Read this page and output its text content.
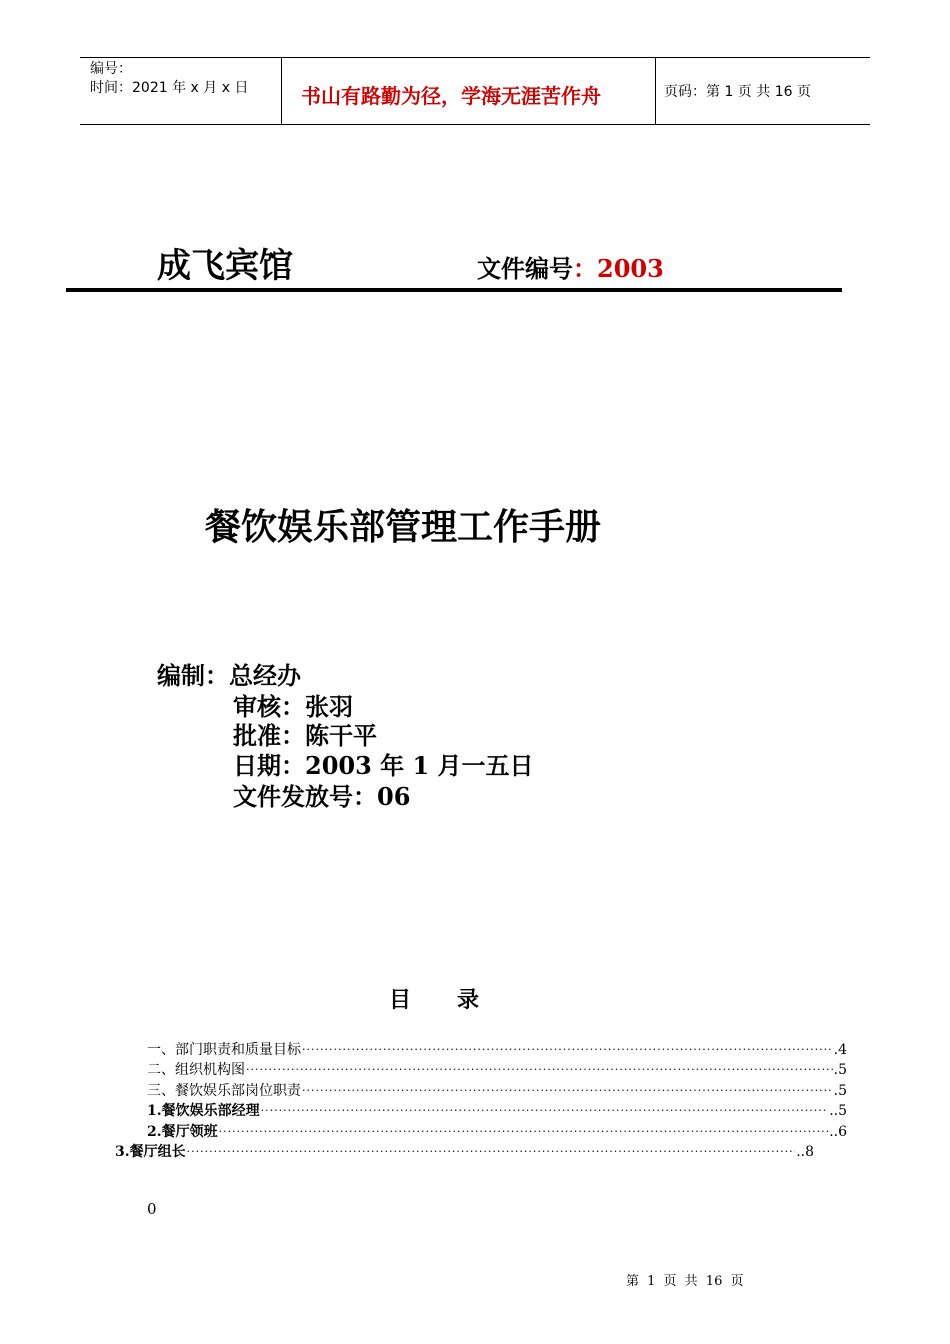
编号：
时间：2021 年 x 月 x 日	书山有路勤为径，学海无涯苦作舟	页码：第 1 页 共 16 页
成飞宾馆	文件编号：2003
餐饮娱乐部管理工作手册
编制：总经办
审核：张羽
批准：陈干平
日期：2003 年 1 月一五日
文件发放号：06
目      录
一、部门职责和质量目标 ·····	.4
二、组织机构图 ·····	.5
三、餐饮娱乐部岗位职责 ·····	.5
1.餐饮娱乐部经理 ·····	..5
2.餐厅领班 ·····	..6
3.餐厅组长 ·····	..8
0
第 1 页 共 16 页
